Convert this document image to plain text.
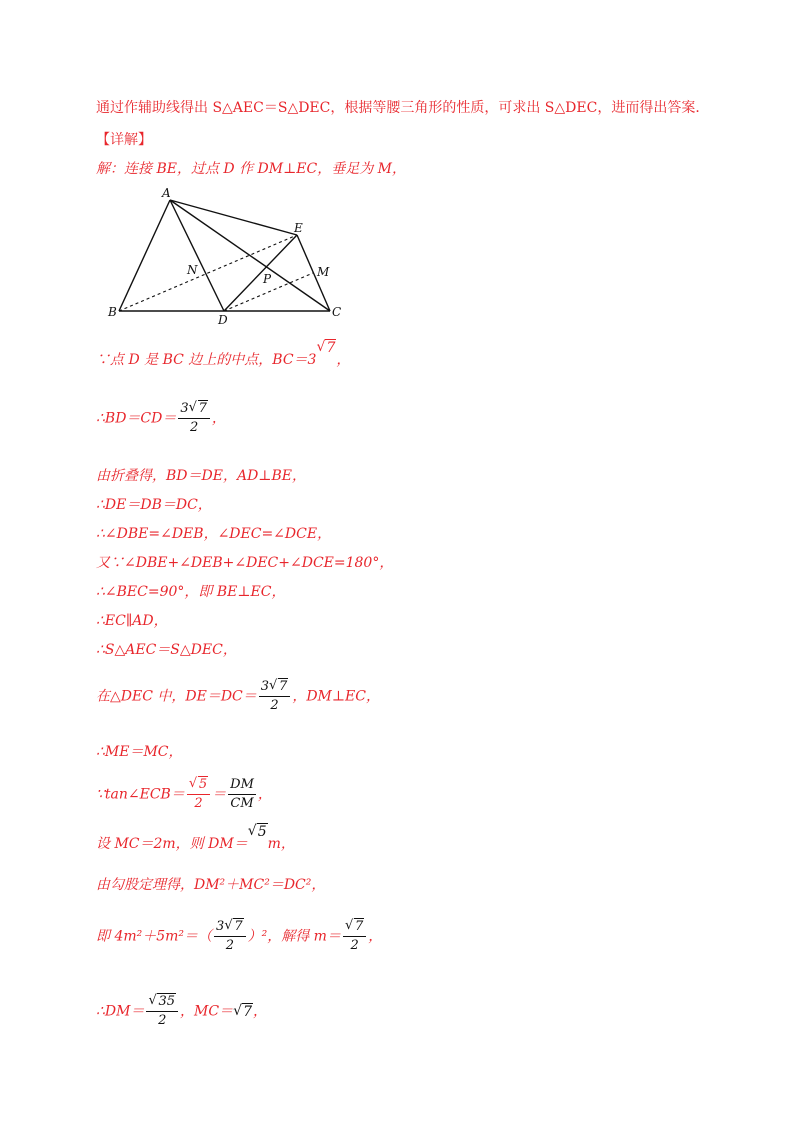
通过作辅助线得出 S△AEC＝S△DEC，根据等腰三角形的性质，可求出 S△DEC，进而得出答案．
【详解】
解：连接 BE，过点 D 作 DM⊥EC，垂足为 M，
A
B	C
D
E
M
N
P
∵点 D 是 BC 边上的中点，BC＝3√ 7，
∴BD＝CD＝ $\frac{3 √ 7}{2}$ ，
由折叠得，BD＝DE，AD⊥BE，
∴DE＝DB＝DC，
∴∠DBE=∠DEB，∠DEC=∠DCE，
又∵∠DBE+∠DEB+∠DEC+∠DCE=180°，
∴∠BEC=90°，即 BE⊥EC，
∴EC∥AD，
∴S△AEC＝S△DEC，
在△DEC 中，$DE=DC= \frac{3 √ 7}{2}$ ，DM⊥EC，
∴ME＝MC，
∵tan∠ECB＝ √ $\frac{5}{2} = \frac{DM}{CM}$ ，
设 MC＝2m，则 DM＝√ 5m，
由勾股定理得，DM²＋MC²＝DC²，
即 $4m^2+5m^2=( \frac{3 √ 7}{2} )^2$，解得 m＝ √ $\frac{7}{2}$ ，
∴DM＝ √ $\frac{35}{2}$ ，MC＝ √ 7，
